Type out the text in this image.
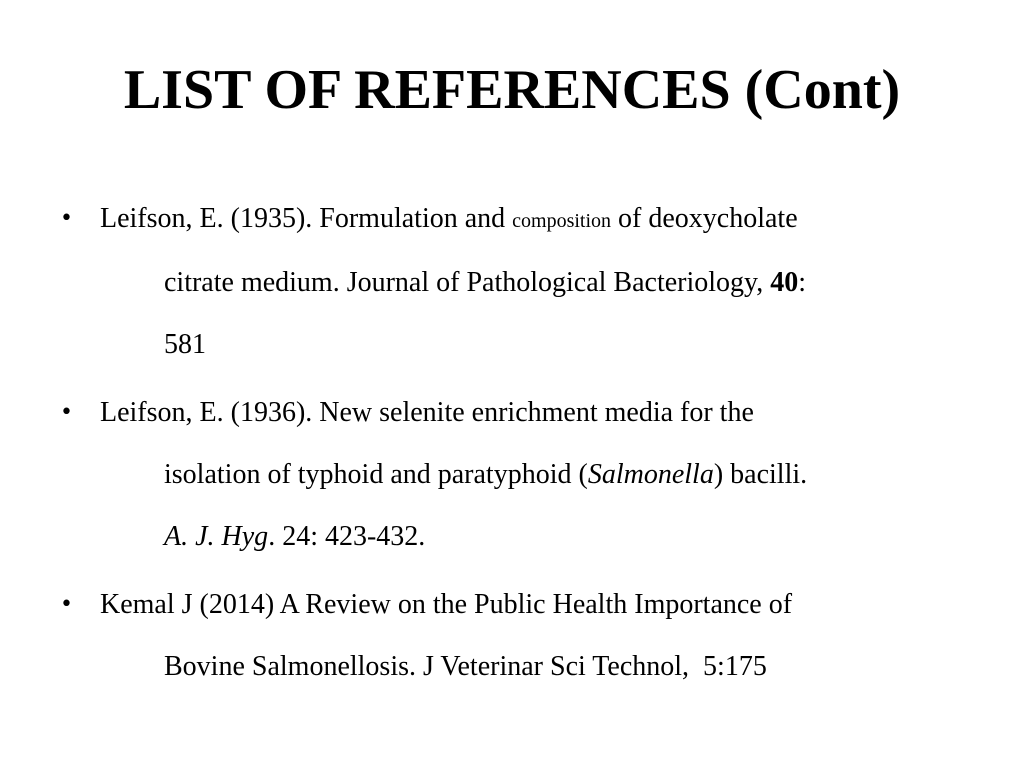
LIST OF REFERENCES (Cont)
• Leifson, E. (1935). Formulation and composition of deoxycholate
citrate medium. Journal of Pathological Bacteriology, 40:
581
• Leifson, E. (1936). New selenite enrichment media for the
isolation of typhoid and paratyphoid (Salmonella) bacilli.
A. J. Hyg. 24: 423-432.
• Kemal J (2014) A Review on the Public Health Importance of
Bovine Salmonellosis. J Veterinar Sci Technol,  5:175
